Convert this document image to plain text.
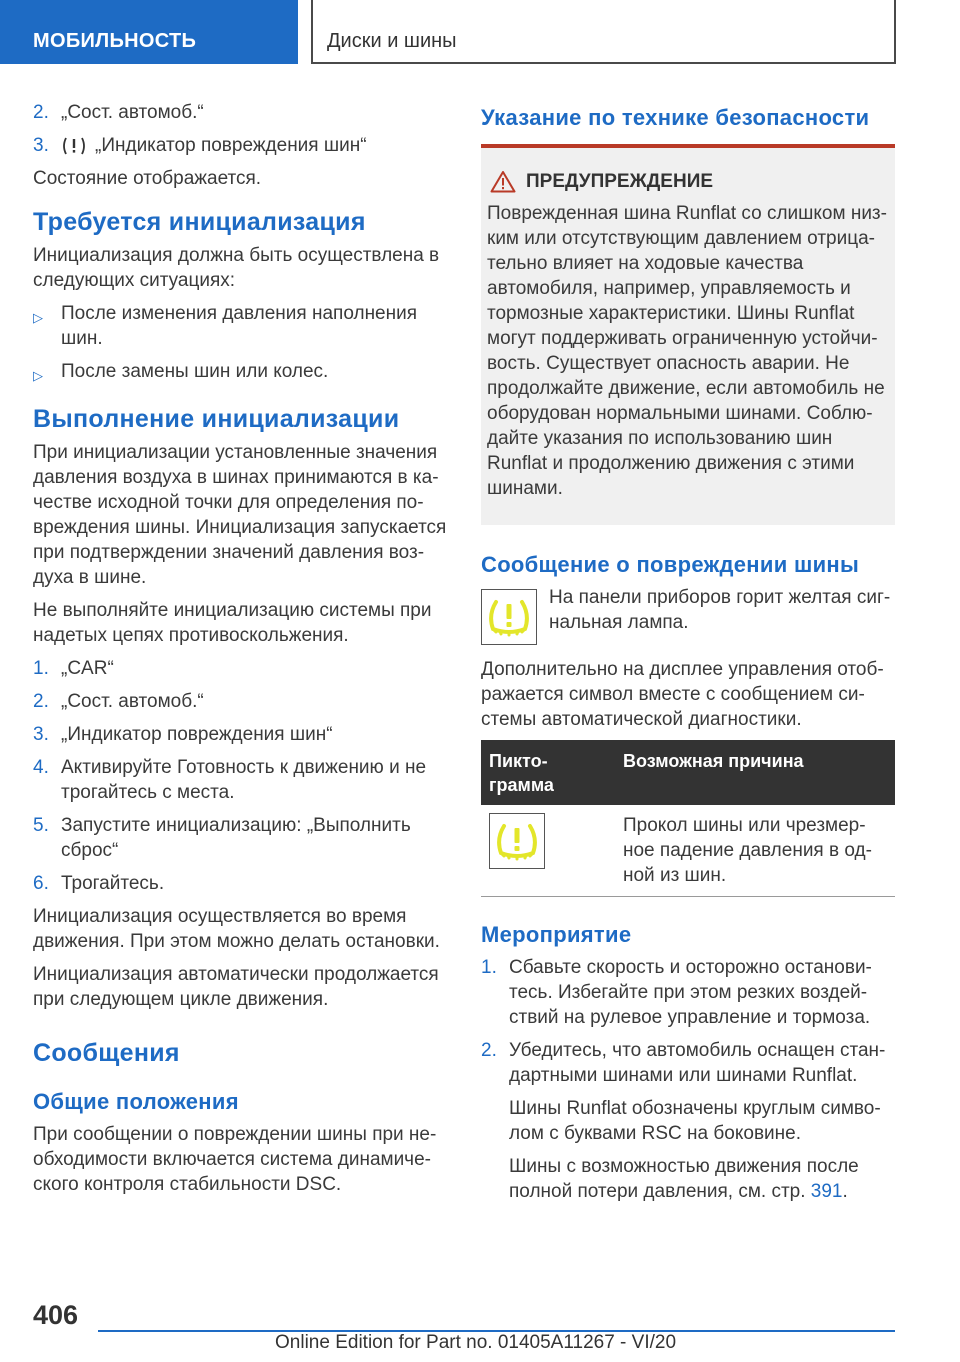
МОБИЛЬНОСТЬ	Диски и шины
2. „Сост. автомоб.“
3.	„Индикатор повреждения шин“

Состояние отображается.

Требуется инициализация

Инициализация должна быть осуществлена в следующих ситуациях:

▷ После изменения давления наполнения шин.
▷ После замены шин или колес.
Выполнение инициализации

При инициализации установленные значения давления воздуха в шинах принимаются в ка-честве исходной точки для определения по-вреждения шины. Инициализация запускается при подтверждении значений давления воз-духа в шине.

Не выполняйте инициализацию системы при надетых цепях противоскольжения.

1. „CAR“
2. „Сост. автомоб.“
3. „Индикатор повреждения шин“
4. Активируйте Готовность к движению и не трогайтесь с места.
5. Запустите инициализацию: „Выполнить сброс“
6. Трогайтесь.

Инициализация осуществляется во время движения. При этом можно делать остановки.

Инициализация автоматически продолжается при следующем цикле движения.

Сообщения
Общие положения

При сообщении о повреждении шины при не-обходимости включается система динамиче-ского контроля стабильности DSC.

Указание по технике безопасности
ПРЕДУПРЕЖДЕНИЕ

Поврежденная шина Runflat со слишком низ-ким или отсутствующим давлением отрица-тельно влияет на ходовые качества автомобиля, например, управляемость и тормозные характеристики. Шины Runflat могут поддерживать ограниченную устойчи-вость. Существует опасность аварии. Не продолжайте движение, если автомобиль не оборудован нормальными шинами. Соблю-дайте указания по использованию шин Runflat и продолжению движения с этими шинами.

Сообщение о повреждении шины

На панели приборов горит желтая сиг-нальная лампа.

Дополнительно на дисплее управления отоб-ражается символ вместе с сообщением си-стемы автоматической диагностики.

Пикто-грамма	Возможная причина

	Прокол шины или чрезмер-ное падение давления в од-ной из шин.
Мероприятие
1. Сбавьте скорость и осторожно останови-тесь. Избегайте при этом резких воздей-ствий на рулевое управление и тормоза.
2. Убедитесь, что автомобиль оснащен стан-дартными шинами или шинами Runflat.

Шины Runflat обозначены круглым симво-лом с буквами RSC на боковине.

Шины с возможностью движения после полной потери давления, см. стр. 391.

406
Online Edition for Part no. 01405A11267 - VI/20
